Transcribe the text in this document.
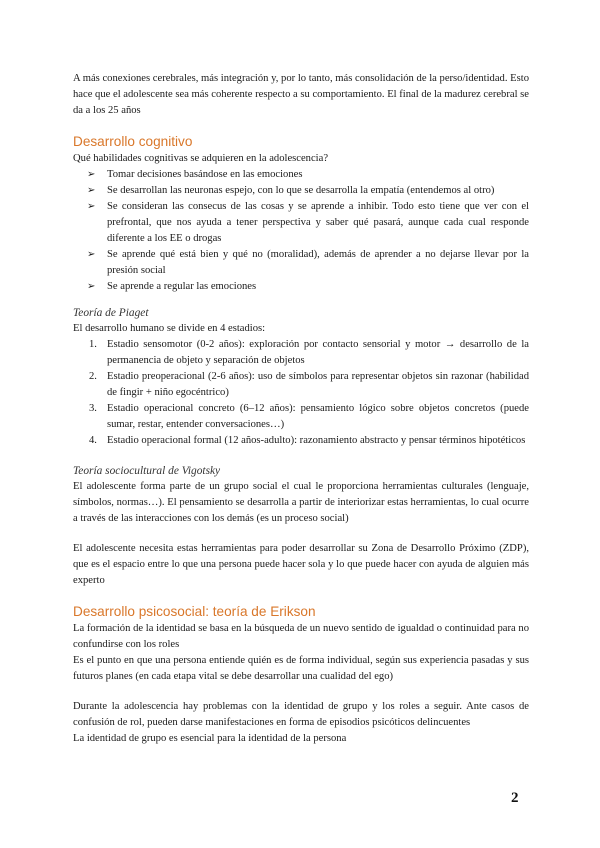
A más conexiones cerebrales, más integración y, por lo tanto, más consolidación de la perso/identidad. Esto hace que el adolescente sea más coherente respecto a su comportamiento. El final de la madurez cerebral se da a los 25 años

Desarrollo cognitivo

Qué habilidades cognitivas se adquieren en la adolescencia?

➢ Tomar decisiones basándose en las emociones
➢ Se desarrollan las neuronas espejo, con lo que se desarrolla la empatía (entendemos al otro)
➢ Se consideran las consecus de las cosas y se aprende a inhibir. Todo esto tiene que ver con el prefrontal, que nos ayuda a tener perspectiva y saber qué pasará, aunque cada cual responde diferente a los EE o drogas
➢ Se aprende qué está bien y qué no (moralidad), además de aprender a no dejarse llevar por la presión social
➢ Se aprende a regular las emociones
Teoría de Piaget

El desarrollo humano se divide en 4 estadios:

1. Estadio sensomotor (0-2 años): exploración por contacto sensorial y motor → desarrollo de la permanencia de objeto y separación de objetos
2. Estadio preoperacional (2-6 años): uso de símbolos para representar objetos sin razonar (habilidad de fingir + niño egocéntrico)
3. Estadio operacional concreto (6–12 años): pensamiento lógico sobre objetos concretos (puede sumar, restar, entender conversaciones…)
4. Estadio operacional formal (12 años-adulto): razonamiento abstracto y pensar términos hipotéticos
Teoría sociocultural de Vigotsky

El adolescente forma parte de un grupo social el cual le proporciona herramientas culturales (lenguaje, símbolos, normas…). El pensamiento se desarrolla a partir de interiorizar estas herramientas, lo cual ocurre a través de las interacciones con los demás (es un proceso social)

El adolescente necesita estas herramientas para poder desarrollar su Zona de Desarrollo Próximo (ZDP), que es el espacio entre lo que una persona puede hacer sola y lo que puede hacer con ayuda de alguien más experto

Desarrollo psicosocial: teoría de Erikson

La formación de la identidad se basa en la búsqueda de un nuevo sentido de igualdad o continuidad para no confundirse con los roles

Es el punto en que una persona entiende quién es de forma individual, según sus experiencia pasadas y sus futuros planes (en cada etapa vital se debe desarrollar una cualidad del ego)

Durante la adolescencia hay problemas con la identidad de grupo y los roles a seguir. Ante casos de confusión de rol, pueden darse manifestaciones en forma de episodios psicóticos delincuentes

La identidad de grupo es esencial para la identidad de la persona

2
